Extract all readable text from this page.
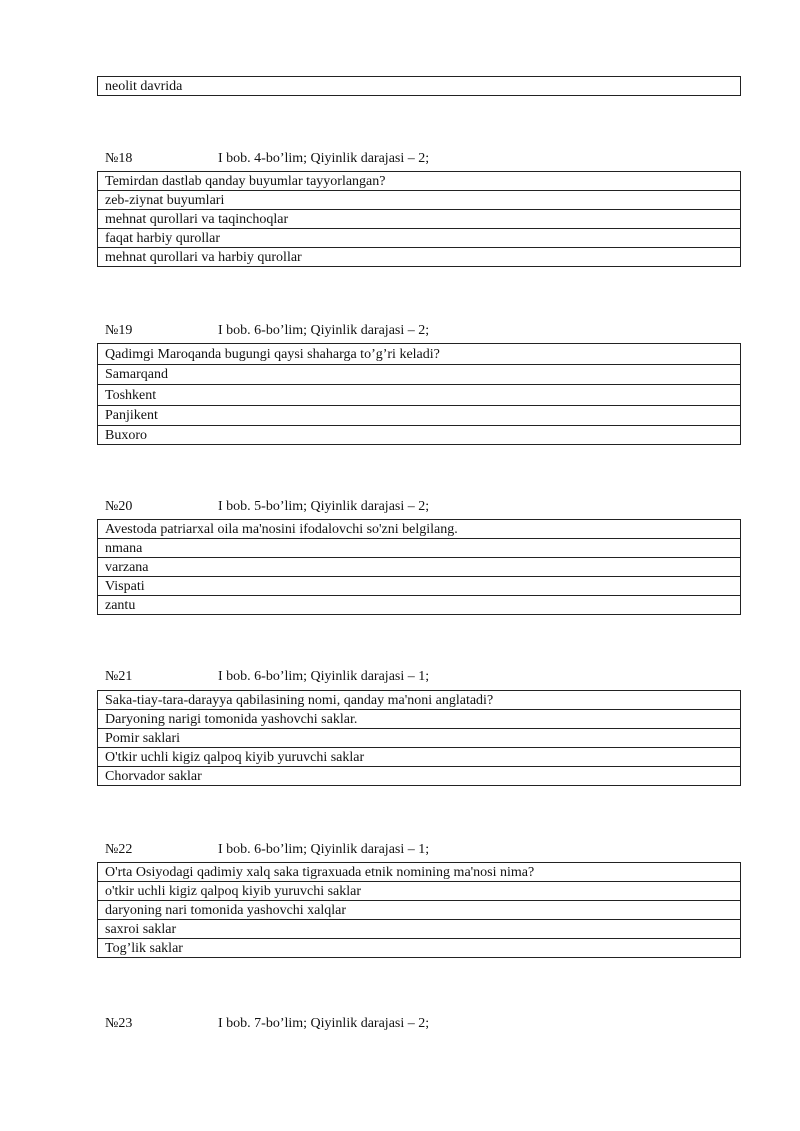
neolit davrida
№18	I bob. 4-bo’lim; Qiyinlik darajasi – 2;
Temirdan dastlab qanday buyumlar tayyorlangan?
zeb-ziynat buyumlari
mehnat qurollari va taqinchoqlar
faqat harbiy qurollar
mehnat qurollari va harbiy qurollar
№19	I bob. 6-bo’lim; Qiyinlik darajasi – 2;
Qadimgi Maroqanda bugungi qaysi shaharga to’g’ri keladi?
Samarqand
Toshkent
Panjikent
Buxoro
№20	I bob. 5-bo’lim; Qiyinlik darajasi – 2;
Avestoda patriarxal oila ma'nosini ifodalovchi so'zni belgilang.
nmana
varzana
Vispati
zantu
№21	I bob. 6-bo’lim; Qiyinlik darajasi – 1;
Saka-tiay-tara-darayya qabilasining nomi, qanday ma'noni anglatadi?
Daryoning narigi tomonida yashovchi saklar.
Pomir saklari
O'tkir uchli kigiz qalpoq kiyib yuruvchi saklar
Chorvador saklar
№22	I bob. 6-bo’lim; Qiyinlik darajasi – 1;
O'rta Osiyodagi qadimiy xalq saka tigraxuada etnik nomining ma'nosi nima?
o'tkir uchli kigiz qalpoq kiyib yuruvchi saklar
daryoning nari tomonida yashovchi xalqlar
saxroi saklar
Tog’lik saklar
№23	I bob. 7-bo’lim; Qiyinlik darajasi – 2;
